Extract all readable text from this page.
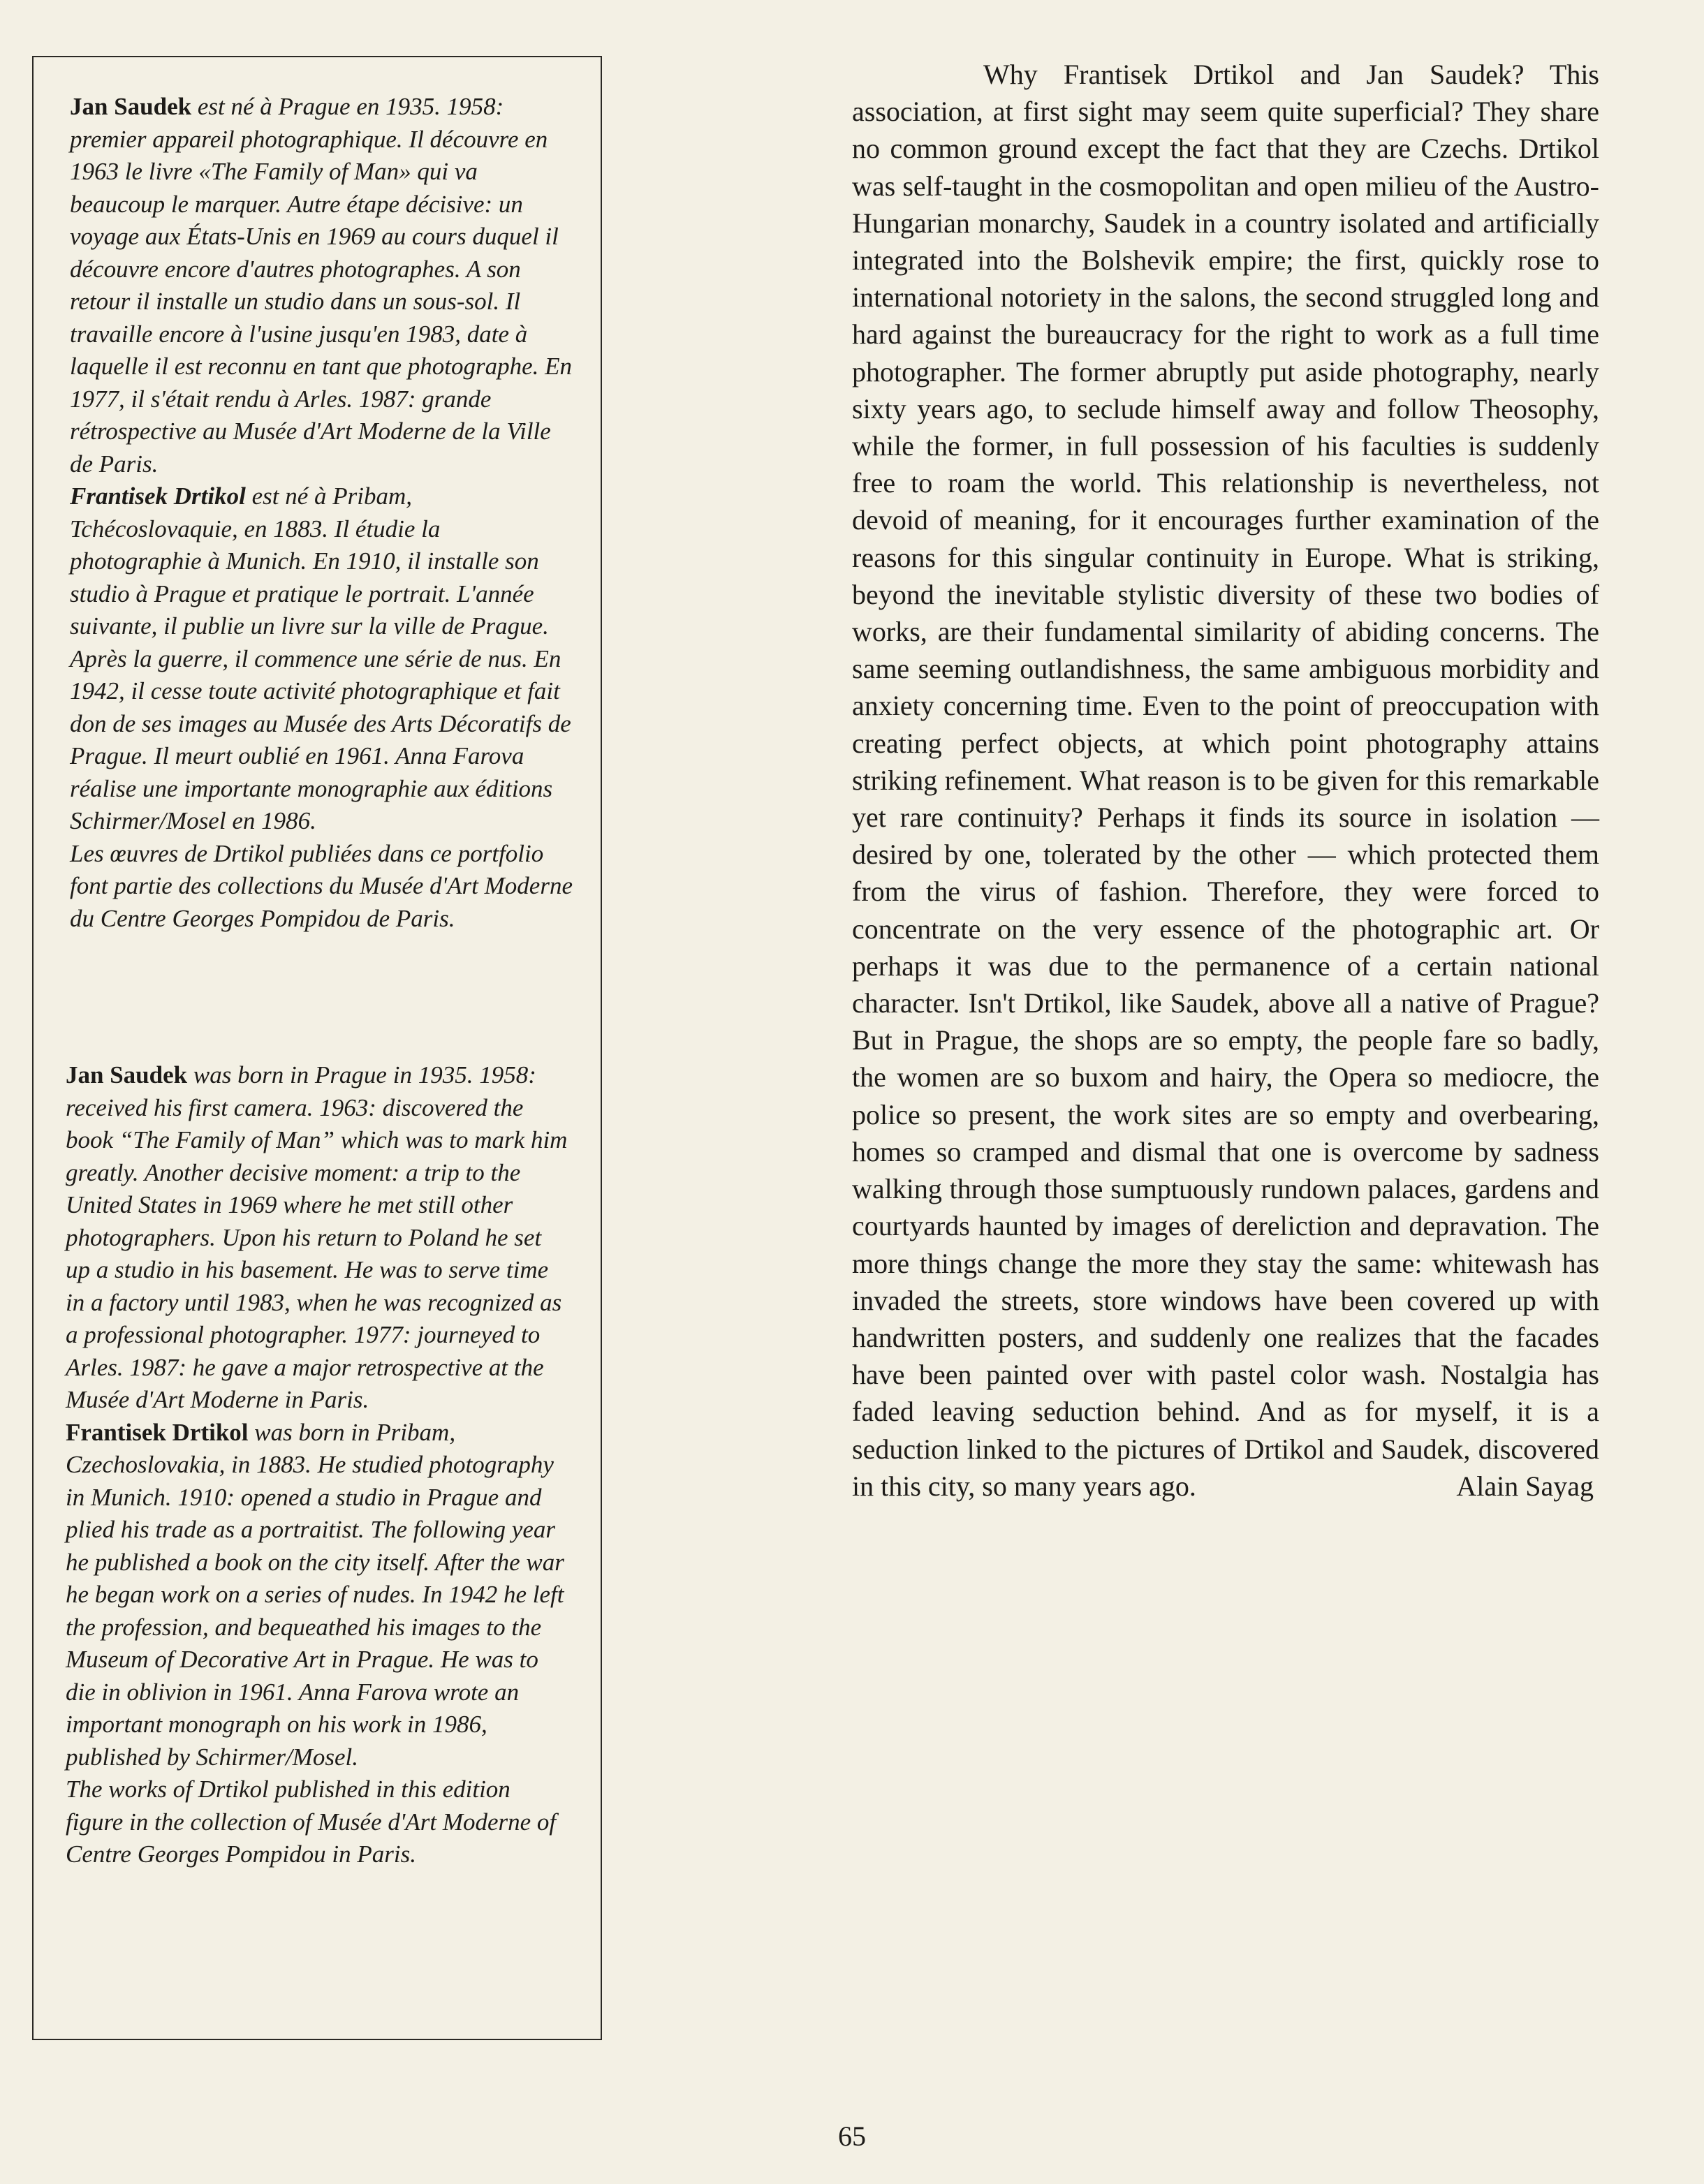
Jan Saudek est né à Prague en 1935. 1958: premier appareil photographique. Il découvre en 1963 le livre «The Family of Man» qui va beaucoup le marquer. Autre étape décisive: un voyage aux États-Unis en 1969 au cours duquel il découvre encore d'autres photographes. A son retour il installe un studio dans un sous-sol. Il travaille encore à l'usine jusqu'en 1983, date à laquelle il est reconnu en tant que photographe. En 1977, il s'était rendu à Arles. 1987: grande rétrospective au Musée d'Art Moderne de la Ville de Paris.

Frantisek Drtikol est né à Pribam, Tchécoslovaquie, en 1883. Il étudie la photographie à Munich. En 1910, il installe son studio à Prague et pratique le portrait. L'année suivante, il publie un livre sur la ville de Prague. Après la guerre, il commence une série de nus. En 1942, il cesse toute activité photographique et fait don de ses images au Musée des Arts Décoratifs de Prague. Il meurt oublié en 1961. Anna Farova réalise une importante monographie aux éditions Schirmer/Mosel en 1986.

Les œuvres de Drtikol publiées dans ce portfolio font partie des collections du Musée d'Art Moderne du Centre Georges Pompidou de Paris.

Jan Saudek was born in Prague in 1935. 1958: received his first camera. 1963: discovered the book “The Family of Man” which was to mark him greatly. Another decisive moment: a trip to the United States in 1969 where he met still other photographers. Upon his return to Poland he set up a studio in his basement. He was to serve time in a factory until 1983, when he was recognized as a professional photographer. 1977: journeyed to Arles. 1987: he gave a major retrospective at the Musée d'Art Moderne in Paris.

Frantisek Drtikol was born in Pribam, Czechoslovakia, in 1883. He studied photography in Munich. 1910: opened a studio in Prague and plied his trade as a portraitist. The following year he published a book on the city itself. After the war he began work on a series of nudes. In 1942 he left the profession, and bequeathed his images to the Museum of Decorative Art in Prague. He was to die in oblivion in 1961. Anna Farova wrote an important monograph on his work in 1986, published by Schirmer/Mosel.

The works of Drtikol published in this edition figure in the collection of Musée d'Art Moderne of Centre Georges Pompidou in Paris.

Why Frantisek Drtikol and Jan Saudek? This association, at first sight may seem quite superficial? They share no common ground except the fact that they are Czechs. Drtikol was self-taught in the cosmopolitan and open milieu of the Austro-Hungarian monarchy, Saudek in a country isolated and artificially integrated into the Bolshevik empire; the first, quickly rose to international notoriety in the salons, the second struggled long and hard against the bureaucracy for the right to work as a full time photographer. The former abruptly put aside photography, nearly sixty years ago, to seclude himself away and follow Theosophy, while the former, in full possession of his faculties is suddenly free to roam the world. This relationship is nevertheless, not devoid of meaning, for it encourages further examination of the reasons for this singular continuity in Europe. What is striking, beyond the inevitable stylistic diversity of these two bodies of works, are their fundamental similarity of abiding concerns. The same seeming outlandishness, the same ambiguous morbidity and anxiety concerning time. Even to the point of preoccupation with creating perfect objects, at which point photography attains striking refinement. What reason is to be given for this remarkable yet rare continuity? Perhaps it finds its source in isolation — desired by one, tolerated by the other — which protected them from the virus of fashion. Therefore, they were forced to concentrate on the very essence of the photographic art. Or perhaps it was due to the permanence of a certain national character. Isn't Drtikol, like Saudek, above all a native of Prague? But in Prague, the shops are so empty, the people fare so badly, the women are so buxom and hairy, the Opera so mediocre, the police so present, the work sites are so empty and overbearing, homes so cramped and dismal that one is overcome by sadness walking through those sumptuously rundown palaces, gardens and courtyards haunted by images of dereliction and depravation. The more things change the more they stay the same: whitewash has invaded the streets, store windows have been covered up with handwritten posters, and suddenly one realizes that the facades have been painted over with pastel color wash. Nostalgia has faded leaving seduction behind. And as for myself, it is a seduction linked to the pictures of Drtikol and Saudek, discovered in this city, so many years ago.	Alain Sayag
65
